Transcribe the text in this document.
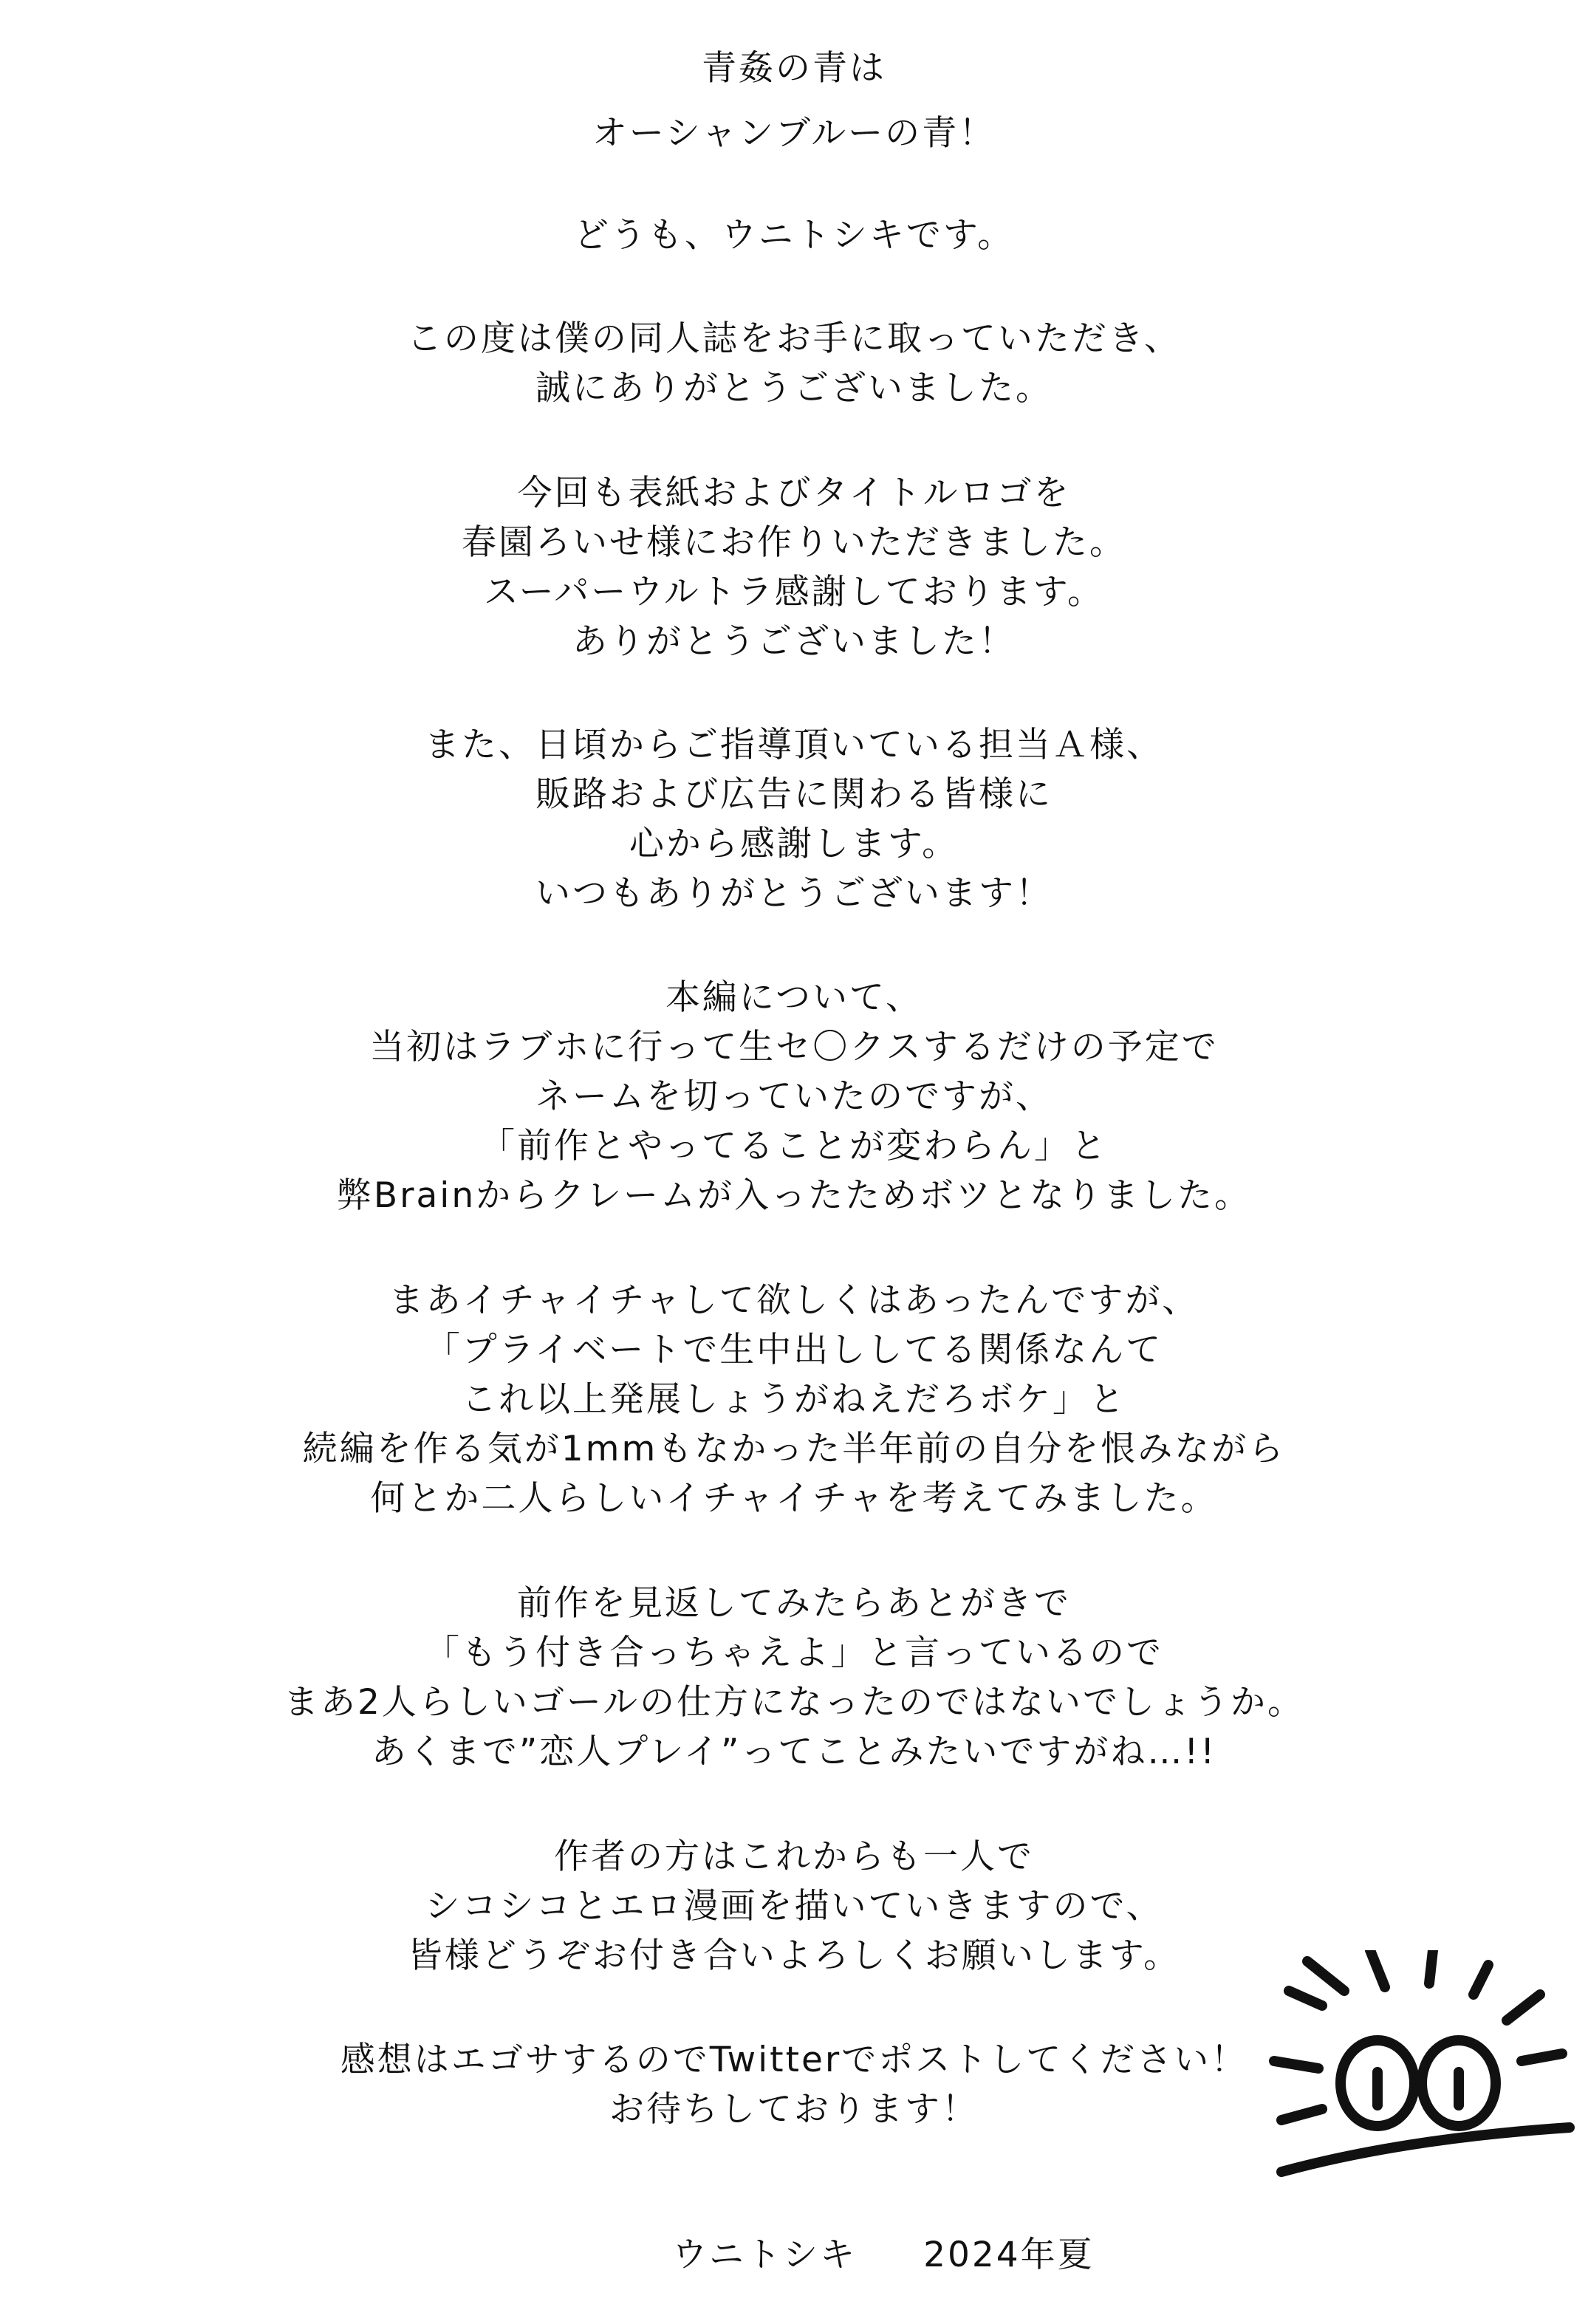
青姦の青は
オーシャンブルーの青！
どうも、ウニトシキです。
この度は僕の同人誌をお手に取っていただき、
誠にありがとうございました。
今回も表紙およびタイトルロゴを
春園ろいせ様にお作りいただきました。
スーパーウルトラ感謝しております。
ありがとうございました！
また、日頃からご指導頂いている担当Ａ様、
販路および広告に関わる皆様に
心から感謝します。
いつもありがとうございます！
本編について、
当初はラブホに行って生セ〇クスするだけの予定で
ネームを切っていたのですが、
「前作とやってることが変わらん」と
弊Brainからクレームが入ったためボツとなりました。
まあイチャイチャして欲しくはあったんですが、
「プライベートで生中出ししてる関係なんて
これ以上発展しょうがねえだろボケ」と
続編を作る気が1mmもなかった半年前の自分を恨みながら
何とか二人らしいイチャイチャを考えてみました。
前作を見返してみたらあとがきで
「もう付き合っちゃえよ」と言っているので
まあ2人らしいゴールの仕方になったのではないでしょうか。
あくまで”恋人プレイ”ってことみたいですがね…!!
作者の方はこれからも一人で
シコシコとエロ漫画を描いていきますので、
皆様どうぞお付き合いよろしくお願いします。
感想はエゴサするのでTwitterでポストしてください！
お待ちしております！

ウニトシキ 2024年夏
